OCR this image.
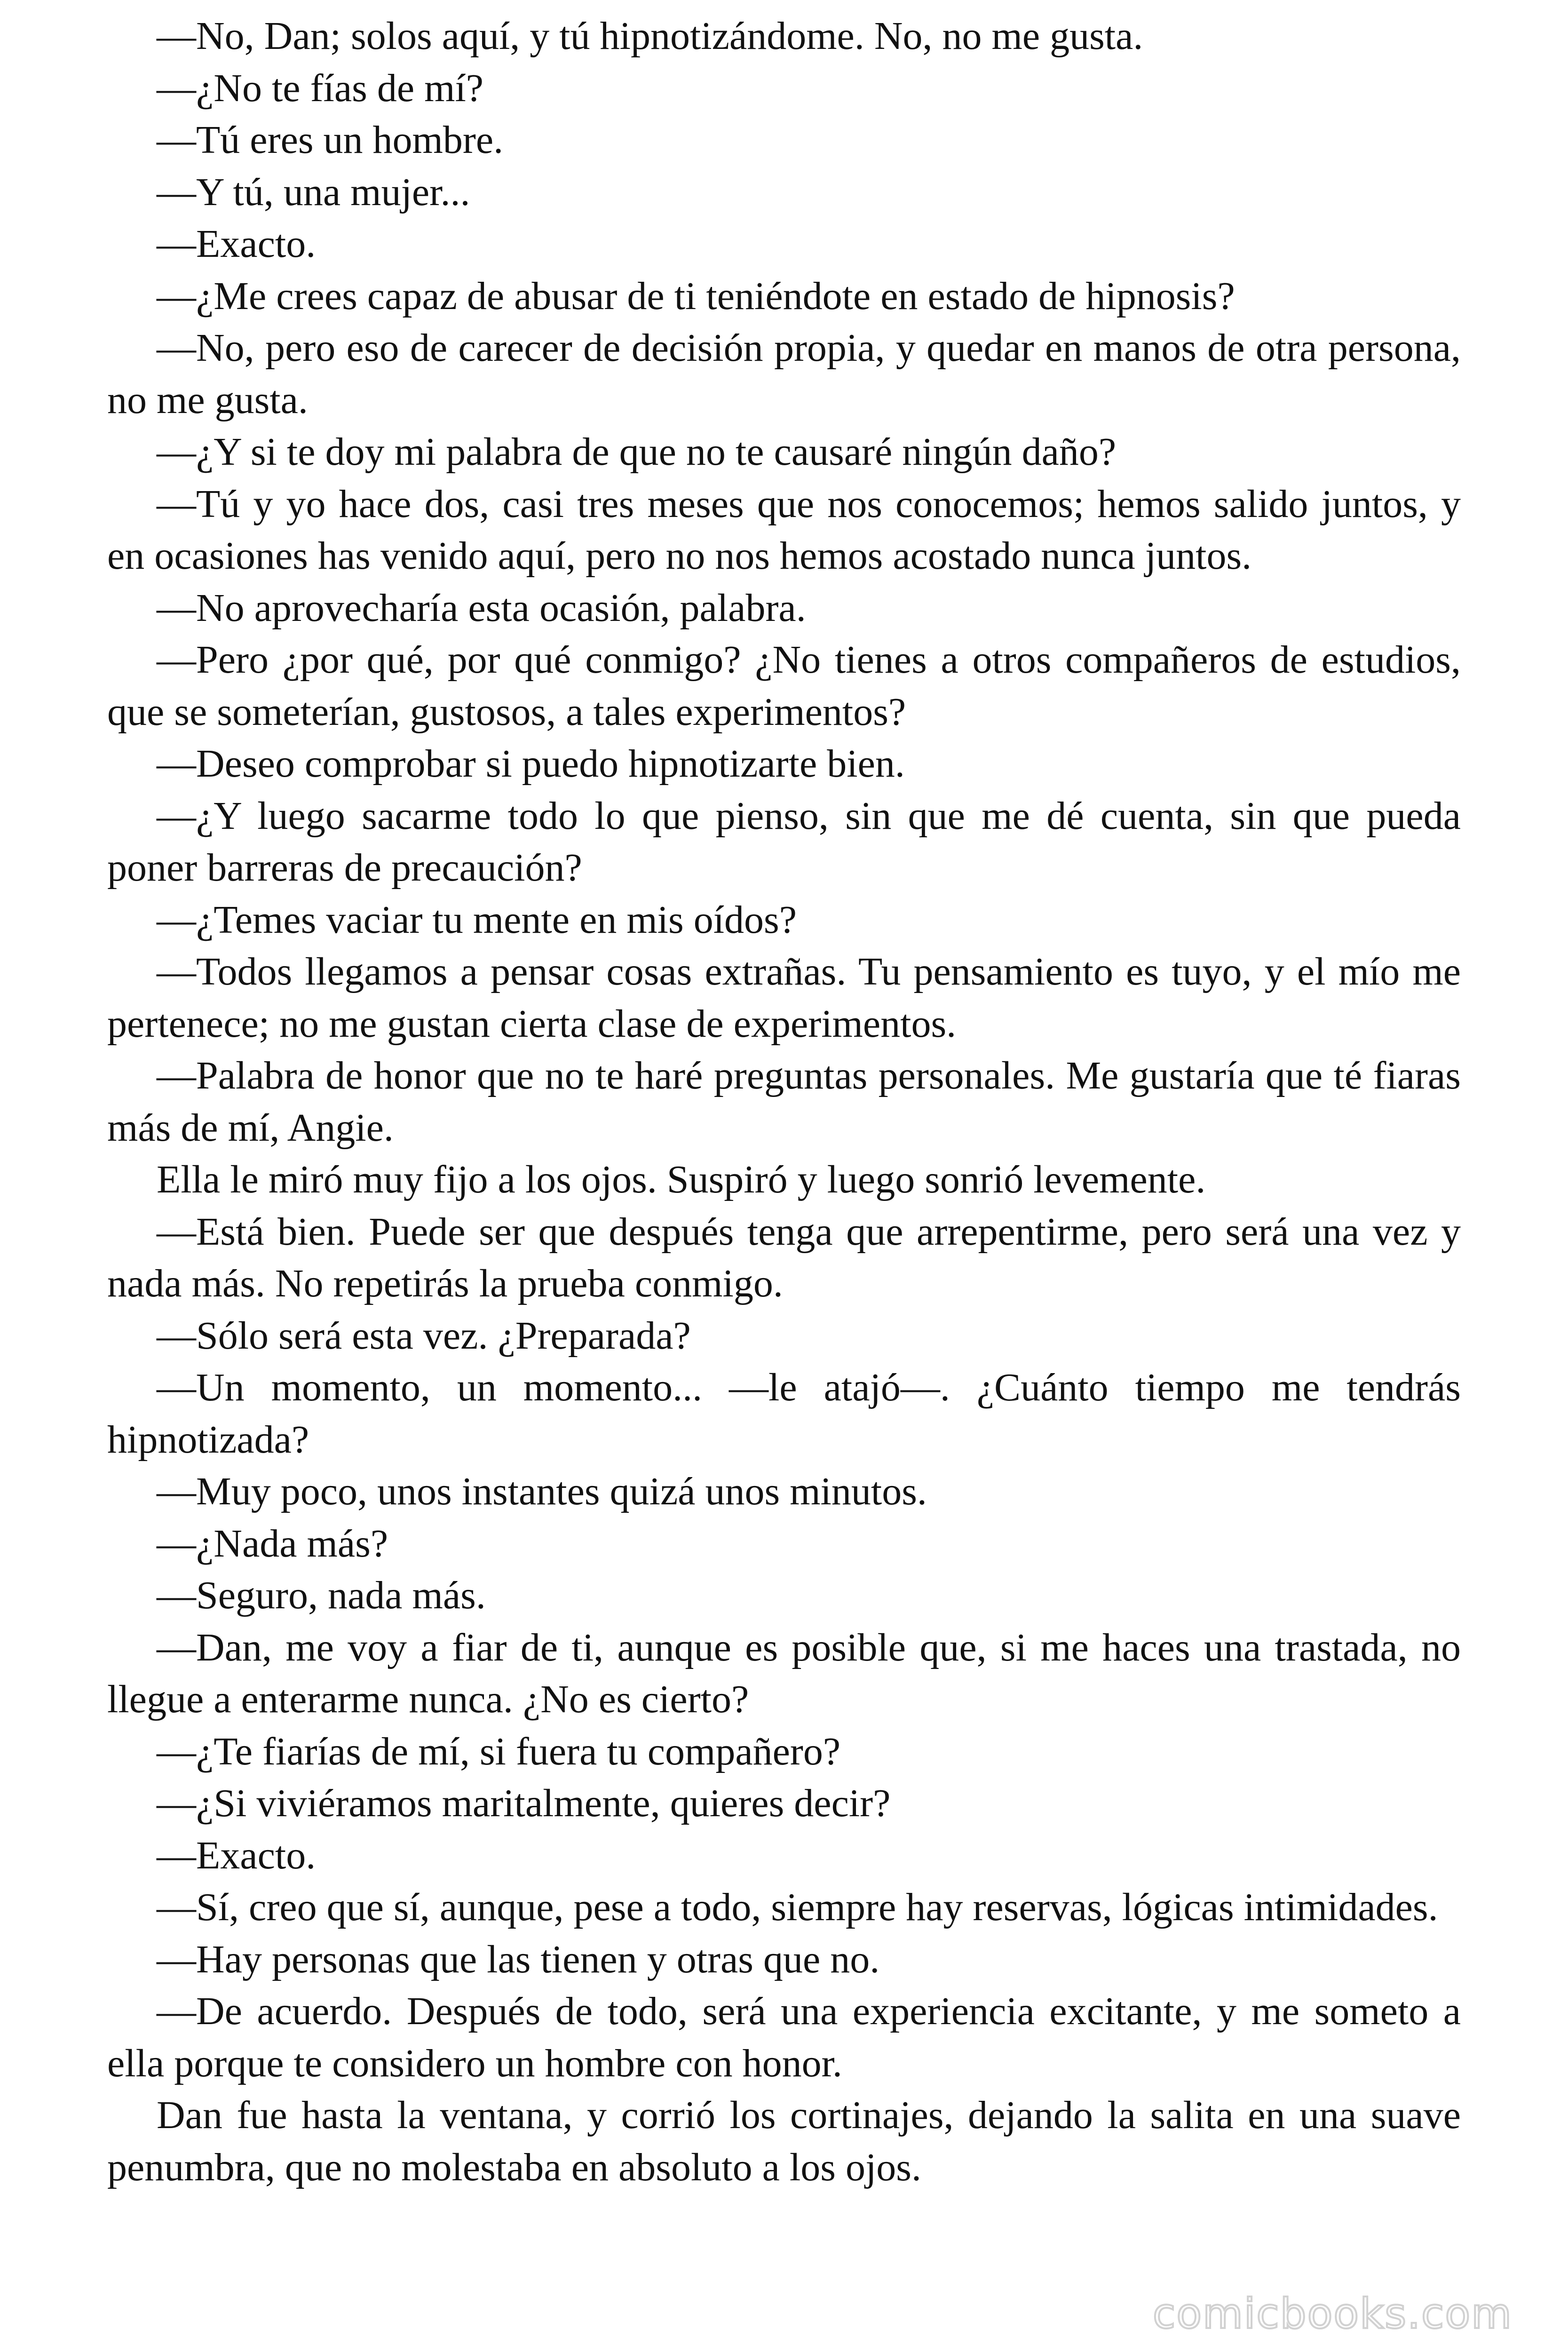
—No, Dan; solos aquí, y tú hipnotizándome. No, no me gusta.

—¿No te fías de mí?

—Tú eres un hombre.

—Y tú, una mujer...

—Exacto.

—¿Me crees capaz de abusar de ti teniéndote en estado de hipnosis?

—No, pero eso de carecer de decisión propia, y quedar en manos de otra persona, no me gusta.

—¿Y si te doy mi palabra de que no te causaré ningún daño?

—Tú y yo hace dos, casi tres meses que nos conocemos; hemos salido juntos, y en ocasiones has venido aquí, pero no nos hemos acostado nunca juntos.

—No aprovecharía esta ocasión, palabra.

—Pero ¿por qué, por qué conmigo? ¿No tienes a otros compañeros de estudios, que se someterían, gustosos, a tales experimentos?

—Deseo comprobar si puedo hipnotizarte bien.

—¿Y luego sacarme todo lo que pienso, sin que me dé cuenta, sin que pueda poner barreras de precaución?

—¿Temes vaciar tu mente en mis oídos?

—Todos llegamos a pensar cosas extrañas. Tu pensamiento es tuyo, y el mío me pertenece; no me gustan cierta clase de experimentos.

—Palabra de honor que no te haré preguntas personales. Me gustaría que té fiaras más de mí, Angie.

Ella le miró muy fijo a los ojos. Suspiró y luego sonrió levemente.

—Está bien. Puede ser que después tenga que arrepentirme, pero será una vez y nada más. No repetirás la prueba conmigo.

—Sólo será esta vez. ¿Preparada?

—Un momento, un momento... —le atajó—. ¿Cuánto tiempo me tendrás hipnotizada?

—Muy poco, unos instantes quizá unos minutos.

—¿Nada más?

—Seguro, nada más.

—Dan, me voy a fiar de ti, aunque es posible que, si me haces una trastada, no llegue a enterarme nunca. ¿No es cierto?

—¿Te fiarías de mí, si fuera tu compañero?

—¿Si viviéramos maritalmente, quieres decir?

—Exacto.

—Sí, creo que sí, aunque, pese a todo, siempre hay reservas, lógicas intimidades.

—Hay personas que las tienen y otras que no.

—De acuerdo. Después de todo, será una experiencia excitante, y me someto a ella porque te considero un hombre con honor.

Dan fue hasta la ventana, y corrió los cortinajes, dejando la salita en una suave penumbra, que no molestaba en absoluto a los ojos.

comicbooks.com
